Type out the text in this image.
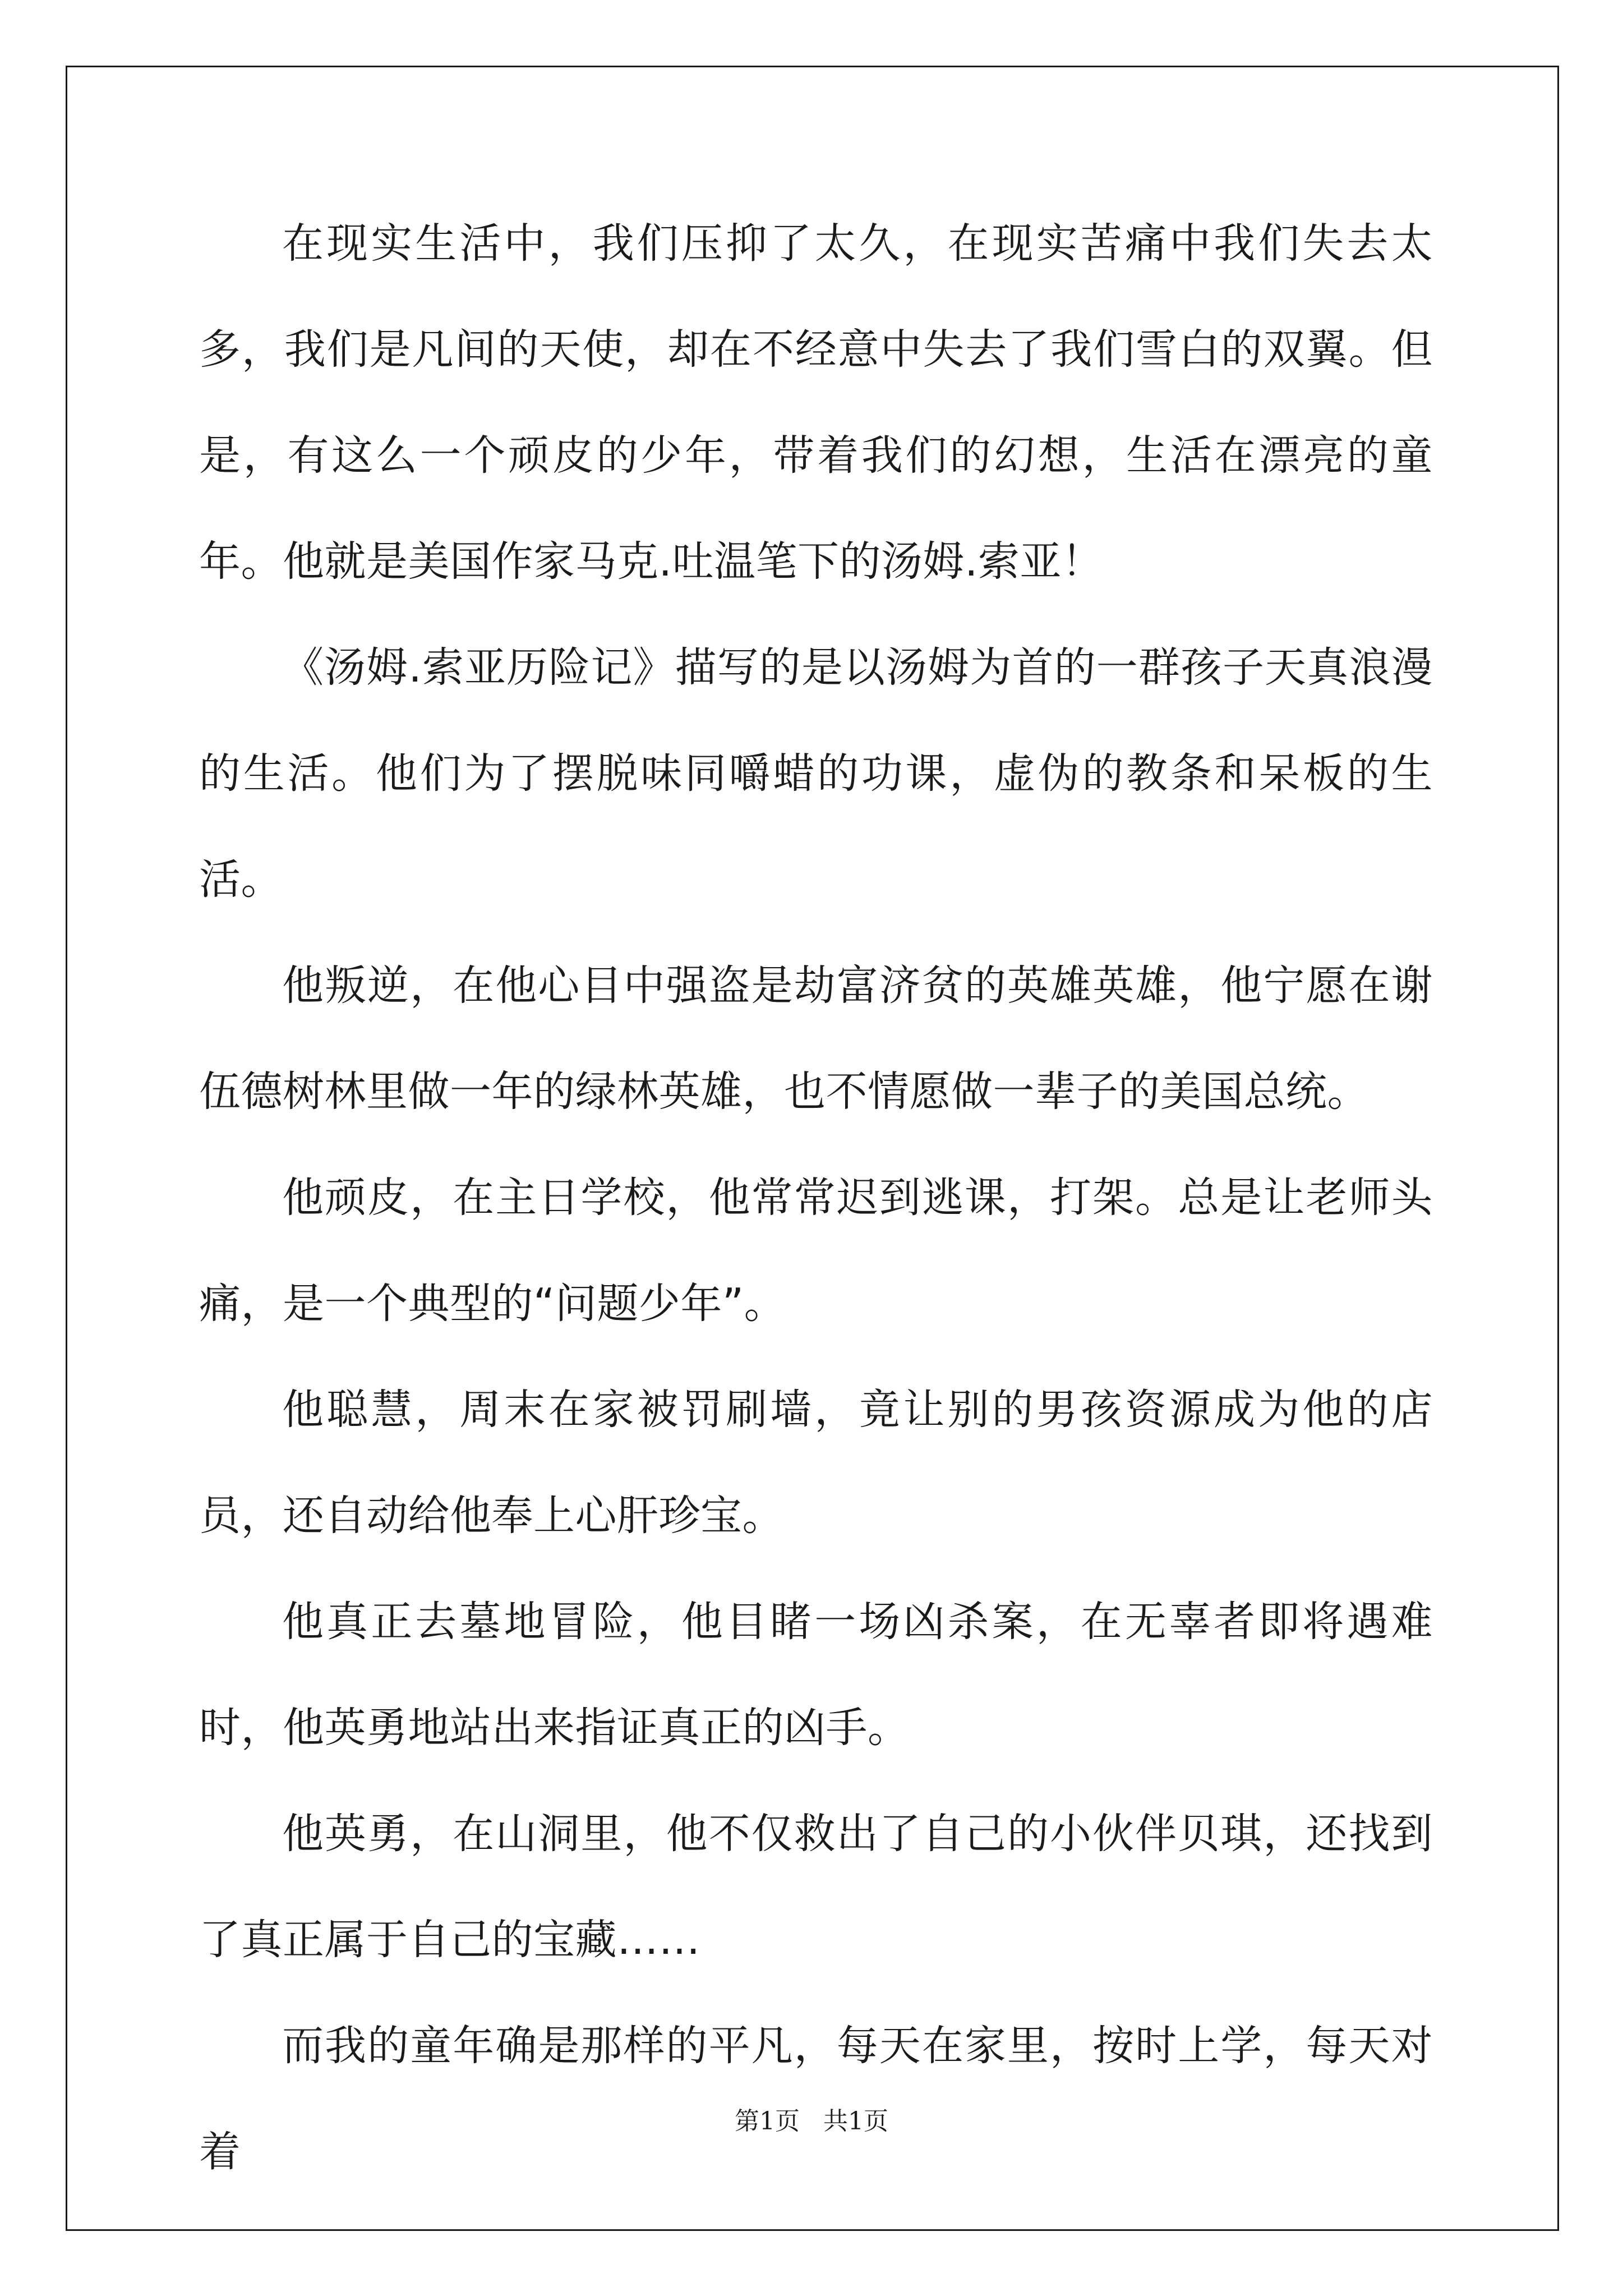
在现实生活中，我们压抑了太久，在现实苦痛中我们失去太多，我们是凡间的天使，却在不经意中失去了我们雪白的双翼。但是，有这么一个顽皮的少年，带着我们的幻想，生活在漂亮的童年。他就是美国作家马克.吐温笔下的汤姆.索亚！

《汤姆.索亚历险记》描写的是以汤姆为首的一群孩子天真浪漫的生活。他们为了摆脱味同嚼蜡的功课，虚伪的教条和呆板的生活。

他叛逆，在他心目中强盗是劫富济贫的英雄英雄，他宁愿在谢伍德树林里做一年的绿林英雄，也不情愿做一辈子的美国总统。

他顽皮，在主日学校，他常常迟到逃课，打架。总是让老师头痛，是一个典型的“问题少年”。

他聪慧，周末在家被罚刷墙，竟让别的男孩资源成为他的店员，还自动给他奉上心肝珍宝。

他真正去墓地冒险，他目睹一场凶杀案，在无辜者即将遇难时，他英勇地站出来指证真正的凶手。

他英勇，在山洞里，他不仅救出了自己的小伙伴贝琪，还找到了真正属于自己的宝藏……

而我的童年确是那样的平凡，每天在家里，按时上学，每天对着

第1页 共1页
